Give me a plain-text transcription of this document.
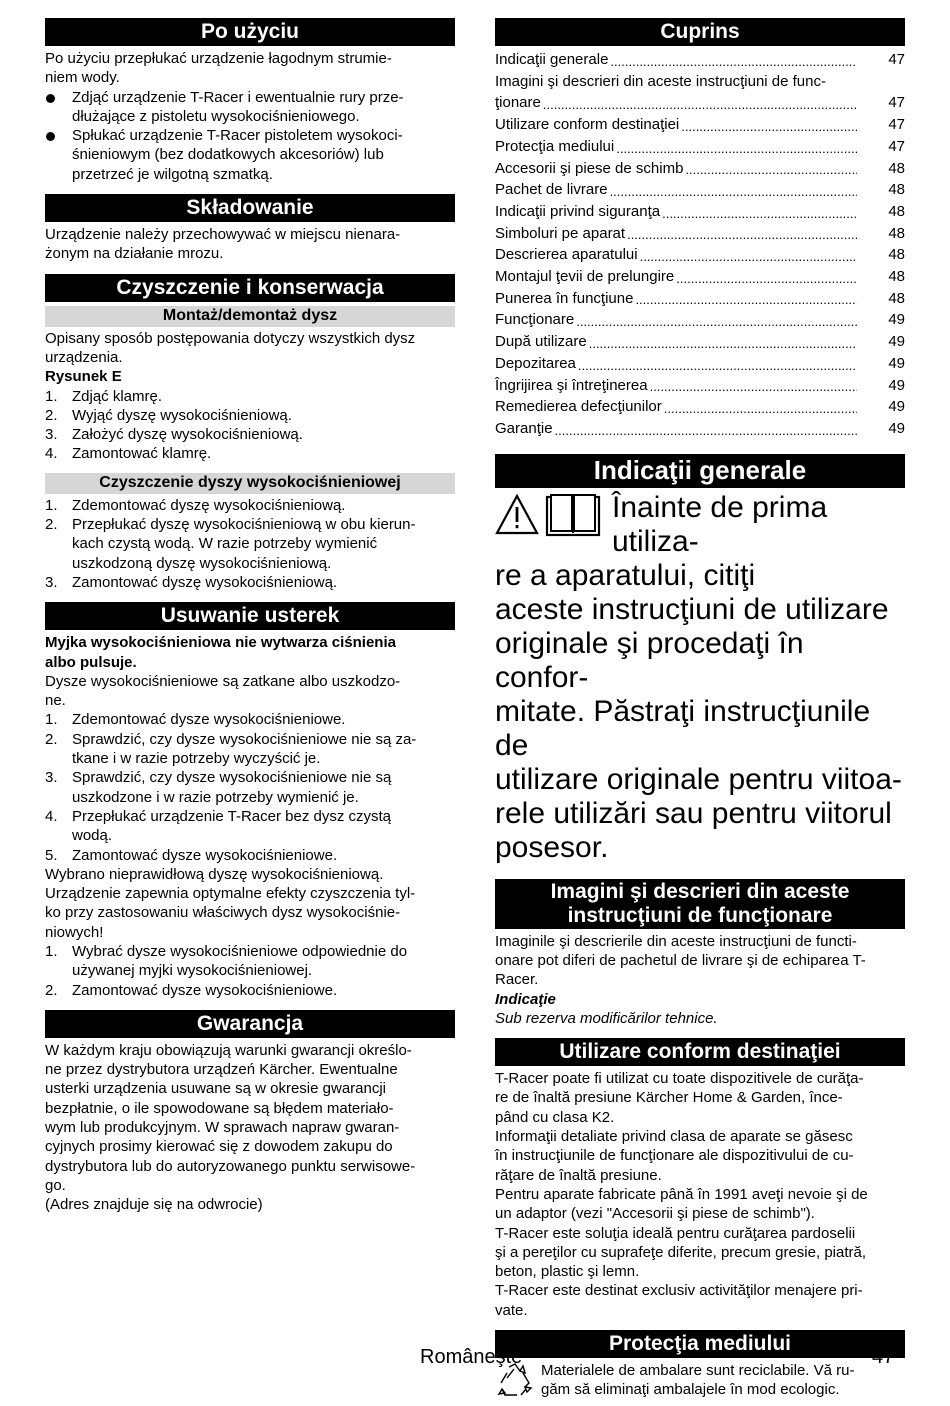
Po użyciu

Po użyciu przepłukać urządzenie łagodnym strumie-
niem wody.

Zdjąć urządzenie T-Racer i ewentualnie rury prze-
dłużające z pistoletu wysokociśnieniowego.
Spłukać urządzenie T-Racer pistoletem wysokoci-
śnieniowym (bez dodatkowych akcesoriów) lub
przetrzeć je wilgotną szmatką.
Składowanie

Urządzenie należy przechowywać w miejscu nienara-
żonym na działanie mrozu.

Czyszczenie i konserwacja
Montaż/demontaż dysz

Opisany sposób postępowania dotyczy wszystkich dysz
urządzenia.

Rysunek E

1. Zdjąć klamrę.
2. Wyjąć dyszę wysokociśnieniową.
3. Założyć dyszę wysokociśnieniową.
4. Zamontować klamrę.
Czyszczenie dyszy wysokociśnieniowej
1. Zdemontować dyszę wysokociśnieniową.
2. Przepłukać dyszę wysokociśnieniową w obu kierun-
kach czystą wodą. W razie potrzeby wymienić
uszkodzoną dyszę wysokociśnieniową.
3. Zamontować dyszę wysokociśnieniową.
Usuwanie usterek

Myjka wysokociśnieniowa nie wytwarza ciśnienia
albo pulsuje.

Dysze wysokociśnieniowe są zatkane albo uszkodzo-
ne.

1. Zdemontować dysze wysokociśnieniowe.
2. Sprawdzić, czy dysze wysokociśnieniowe nie są za-
tkane i w razie potrzeby wyczyścić je.
3. Sprawdzić, czy dysze wysokociśnieniowe nie są
uszkodzone i w razie potrzeby wymienić je.
4. Przepłukać urządzenie T-Racer bez dysz czystą
wodą.
5. Zamontować dysze wysokociśnieniowe.

Wybrano nieprawidłową dyszę wysokociśnieniową.
Urządzenie zapewnia optymalne efekty czyszczenia tyl-
ko przy zastosowaniu właściwych dysz wysokociśnie-
niowych!

1. Wybrać dysze wysokociśnieniowe odpowiednie do
używanej myjki wysokociśnieniowej.
2. Zamontować dysze wysokociśnieniowe.
Gwarancja

W każdym kraju obowiązują warunki gwarancji określo-
ne przez dystrybutora urządzeń Kärcher. Ewentualne
usterki urządzenia usuwane są w okresie gwarancji
bezpłatnie, o ile spowodowane są błędem materiało-
wym lub produkcyjnym. W sprawach napraw gwaran-
cyjnych prosimy kierować się z dowodem zakupu do
dystrybutora lub do autoryzowanego punktu serwisowe-
go.
(Adres znajduje się na odwrocie)

Cuprins
Indicaţii generale .....	47
Imagini şi descrieri din aceste instrucţiuni de func-
ţionare .....	47
Utilizare conform destinaţiei .....	47
Protecţia mediului .....	47
Accesorii şi piese de schimb .....	48
Pachet de livrare .....	48
Indicaţii privind siguranţa .....	48
Simboluri pe aparat .....	48
Descrierea aparatului .....	48
Montajul ţevii de prelungire .....	48
Punerea în funcţiune .....	48
Funcţionare .....	49
După utilizare .....	49
Depozitarea .....	49
Îngrijirea şi întreţinerea .....	49
Remedierea defecţiunilor .....	49
Garanţie .....	49
Indicaţii generale
Înainte de prima utiliza-
re a aparatului, citiţi
aceste instrucţiuni de utilizare
originale şi procedaţi în confor-
mitate. Păstraţi instrucţiunile de
utilizare originale pentru viitoa-
rele utilizări sau pentru viitorul
posesor.
Imagini şi descrieri din aceste
instrucţiuni de funcţionare

Imaginile şi descrierile din aceste instrucţiuni de functi-
onare pot diferi de pachetul de livrare şi de echiparea T-
Racer.

Indicaţie

Sub rezerva modificărilor tehnice.

Utilizare conform destinaţiei

T-Racer poate fi utilizat cu toate dispozitivele de curăţa-
re de înaltă presiune Kärcher Home & Garden, înce-
pând cu clasa K2.
Informaţii detaliate privind clasa de aparate se găsesc
în instrucţiunile de funcţionare ale dispozitivului de cu-
răţare de înaltă presiune.
Pentru aparate fabricate până în 1991 aveţi nevoie şi de
un adaptor (vezi "Accesorii şi piese de schimb").
T-Racer este soluţia ideală pentru curăţarea pardoselii
şi a pereţilor cu suprafeţe diferite, precum gresie, piatră,
beton, plastic şi lemn.
T-Racer este destinat exclusiv activităţilor menajere pri-
vate.

Protecţia mediului

Materialele de ambalare sunt reciclabile. Vă ru-
găm să eliminaţi ambalajele în mod ecologic.

Româneşte	47
